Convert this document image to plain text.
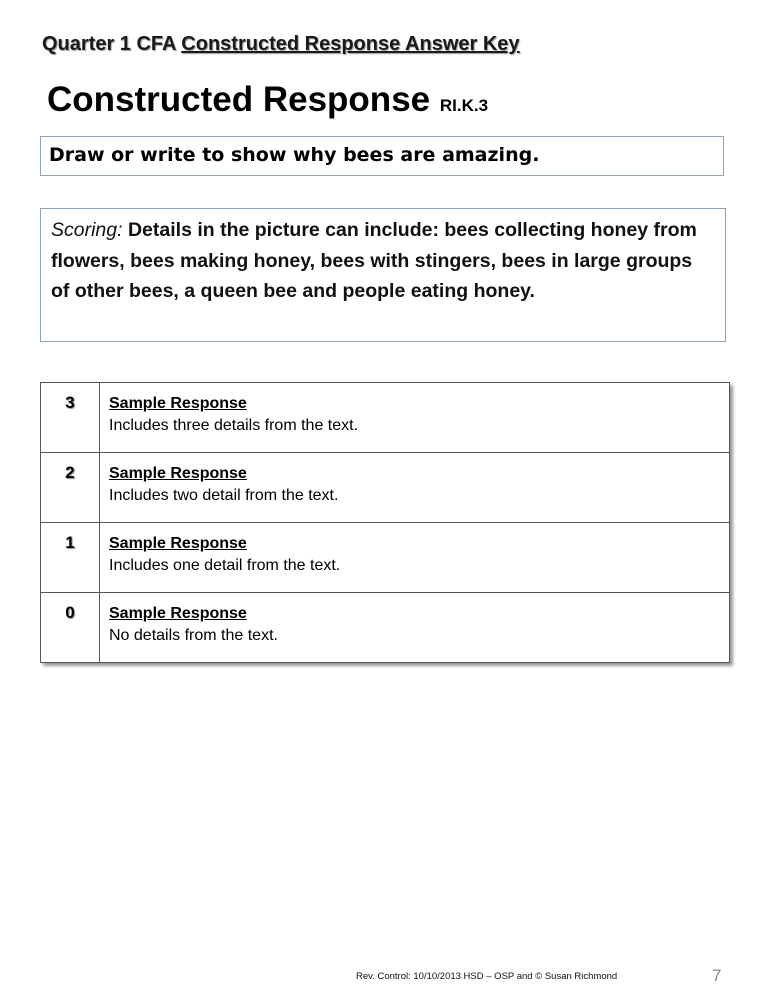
Quarter 1 CFA Constructed Response Answer Key
Constructed Response RI.K.3
Draw or write to show why bees are amazing.
Scoring: Details in the picture can include: bees collecting honey from flowers, bees making honey, bees with stingers, bees in large groups of other bees, a queen bee and people eating honey.
3	Sample Response
Includes three details from the text.

2	Sample Response
Includes two detail from the text.

1	Sample Response
Includes one detail from the text.

0	Sample Response
No details from the text.
Rev. Control: 10/10/2013 HSD – OSP and © Susan Richmond	7
